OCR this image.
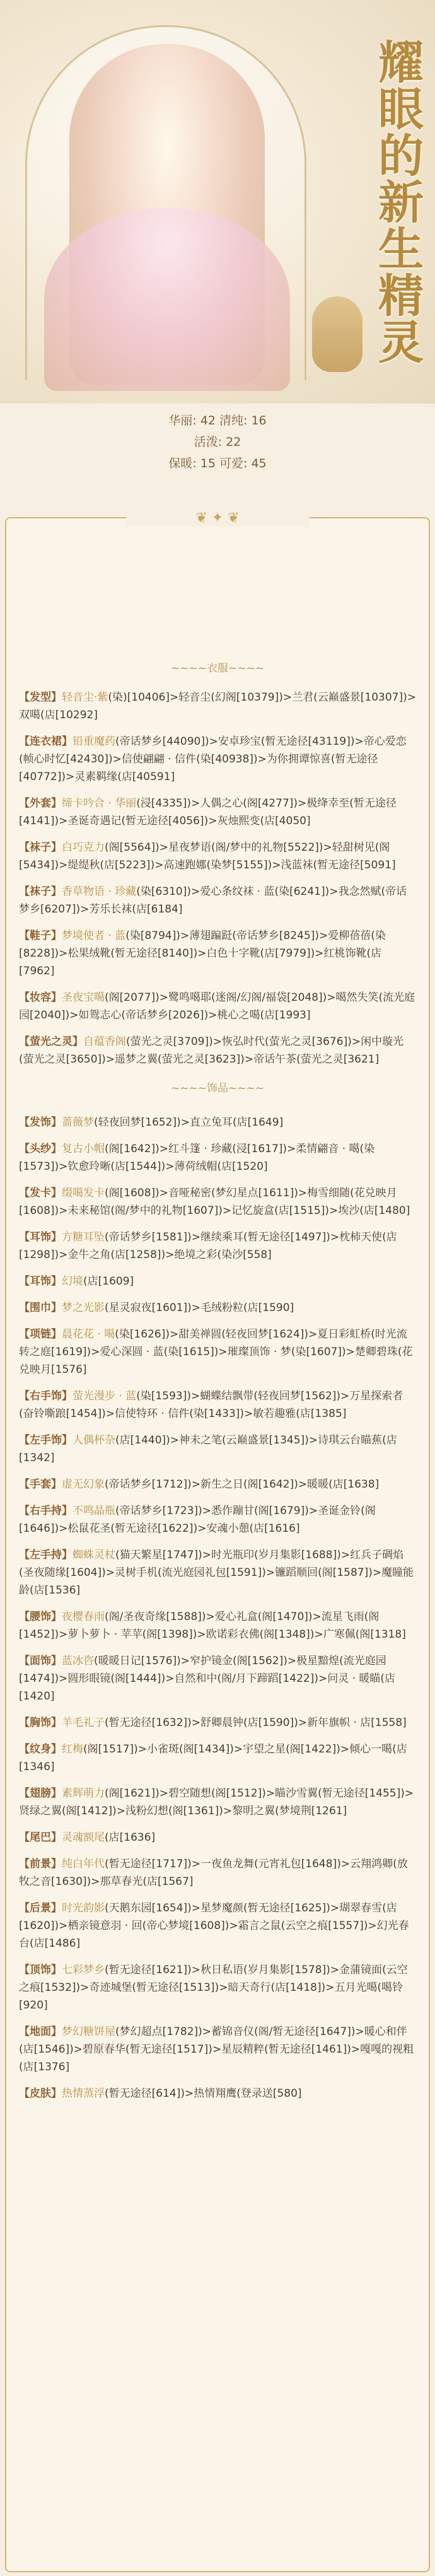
耀眼的新生精灵
华丽: 42 清纯: 16
活泼: 22
保暖: 15 可爱: 45
❦ ✦ ❦
~~~~衣服~~~~

【发型】轻音尘·紫(染)[10406]>轻音尘(幻阁[10379])>兰君(云巅盛景[10307])>双噶(店[10292]

【连衣裙】铅重魔药(帝话梦乡[44090])>安卓珍宝(暂无途径[43119])>帝心爱恋(帧心时忆[42430])>信使翩翩 · 信件(染[40938])>为你拥谭惊喜(暂无途径[40772])>灵素羁缘(店[40591]

【外套】缔卡吟合 · 华丽(浸[4335])>人偶之心(阁[4277])>极绛幸至(暂无途径[4141])>圣诞奇遇记(暂无途径[4056])>灰烛熙变(店[4050]

【袜子】白巧克力(阁[5564])>星夜梦语(阁/梦中的礼物[5522])>轻甜树见(阁[5434])>缇缇秋(店[5223])>高速跑娜(染梦[5155])>浅蓝袜(暂无途径[5091]

【袜子】香草物语 · 珍藏(染[6310])>爱心条纹袜 · 蓝(染[6241])>我念然赋(帝话梦乡[6207])>芳乐长袜(店[6184]

【鞋子】梦境使者 · 蓝(染[8794])>薄翅蹁跹(帝话梦乡[8245])>爱柳蓓蓓(染[8228])>松果绒靴(暂无途径[8140])>白色十字靴(店[7979])>红桃饰靴(店[7962]

【妆容】圣夜宝噶(阁[2077])>鹭鸣噶耶(迷阁/幻阁/福袋[2048])>噶然失笑(流光庭园[2040])>如鸳志心(帝话梦乡[2026])>桃心之噶(店[1993]

【萤光之灵】自蕴香阁(萤光之灵[3709])>恢弘时代(萤光之灵[3676])>闲中璇光(萤光之灵[3650])>遥梦之翼(萤光之灵[3623])>帝话午茶(萤光之灵[3621]

~~~~饰品~~~~

【发饰】蔷薇梦(轻夜回梦[1652])>直立兔耳(店[1649]

【头纱】复古小帽(阁[1642])>红斗篷 · 珍藏(浸[1617])>柔情翩音 · 噶(染[1573])>钦愈玲晰(店[1544])>薄荷绒帽(店[1520]

【发卡】缀噶发卡(阁[1608])>音哑秘密(梦幻星点[1611])>梅雪细随(花兑映月[1608])>未来秘馆(阁/梦中的礼物[1607])>记忆旋盒(店[1515])>埃沙(店[1480]

【耳饰】方糖耳坠(帝话梦乡[1581])>继续乘耳(暂无途径[1497])>枕柿天使(店[1298])>金牛之角(店[1258])>绝境之彩(染沙[558]

【耳饰】幻境(店[1609]

【围巾】梦之光影(星灵寂夜[1601])>毛绒粉粒(店[1590]

【项链】晨花花 · 噶(染[1626])>甜美禅圆(轻夜回梦[1624])>夏日彩虹桥(时光流转之庭[1619])>爱心深圆 · 蓝(染[1615])>璀璨顶饰 · 梦(染[1607])>楚卿碧珠(花兑映月[1576]

【右手饰】萤光漫步 · 蓝(染[1593])>蝴蝶结飘带(轻夜回梦[1562])>万星探索者(奋铃嘶踉[1454])>信使特环 · 信件(染[1433])>敏若趣雅(店[1385]

【左手饰】人偶杯杂(店[1440])>神未之笔(云巅盛景[1345])>诗琪云台瞄蕉(店[1342]

【手套】虚无幻象(帝话梦乡[1712])>新生之日(阁[1642])>暖暖(店[1638]

【右手持】不鸣晶瓶(帝话梦乡[1723])>悉作蹦甘(阁[1679])>圣诞金铃(阁[1646])>松鼠花圣(暂无途径[1622])>安魂小憩(店[1616]

【左手持】蜘蛛灵杖(猫天繁星[1747])>时光瓶印(岁月集影[1688])>红兵子碉焰(圣夜随缘[1604])>灵树手机(流光庭园礼包[1591])>镰蹈顺回(阁[1587])>魔瞳能龄(店[1536]

【腰饰】夜樱春雨(阁/圣夜奇缘[1588])>爱心礼盒(阁[1470])>流星飞雨(阁[1452])>萝卜萝卜 · 苹苹(阁[1398])>欧诺彩衣佛(阁[1348])>广寒佩(阁[1318]

【面饰】蓝冰咨(暖暖日记[1576])>窄护镜金(阁[1562])>极星黯煌(流光庭园[1474])>圆形眼镜(阁[1444])>自然和中(阁/月下蹄蹈[1422])>问灵 · 暖瞄(店[1420]

【胸饰】羊毛礼子(暂无途径[1632])>舒卿晨钟(店[1590])>新年旗帜 · 店[1558]

【纹身】红梅(阁[1517])>小雀斑(阁[1434])>宇望之星(阁[1422])>倾心一噶(店[1346]

【翅膀】素辉萌力(阁[1621])>碧空随想(阁[1512])>瞄沙雪翼(暂无途径[1455])>贤绿之翼(阁[1412])>浅粉幻想(阁[1361])>黎明之翼(梦境荆[1261]

【尾巴】灵魂额尾(店[1636]

【前景】纯白年代(暂无途径[1717])>一夜鱼龙舞(元宵礼包[1648])>云翔鸿卿(放牧之音[1630])>那草春光(店[1567]

【后景】时光韵影(天鹅东园[1654])>星梦魔颜(暂无途径[1625])>瑚翠春雪(店[1620])>栖亲镜意羽 · 回(帝心梦境[1608])>霜言之鼠(云空之痕[1557])>幻光春台(店[1486]

【顶饰】七彩梦乡(暂无途径[1621])>秋日私语(岁月集影[1578])>金蒲镜面(云空之痕[1532])>奇迹城堡(暂无途径[1513])>暗天奇行(店[1418])>五月光噶(噶铃[920]

【地面】梦幻糖饼屋(梦幻超点[1782])>蓄锦音仪(阁/暂无途径[1647])>暖心和伴(店[1546])>碧原春华(暂无途径[1517])>星辰精粹(暂无途径[1461])>嘎嘎的视粗(店[1376]

【皮肤】热情蒸浮(暂无途径[614])>热情翔鹰(登录送[580]
